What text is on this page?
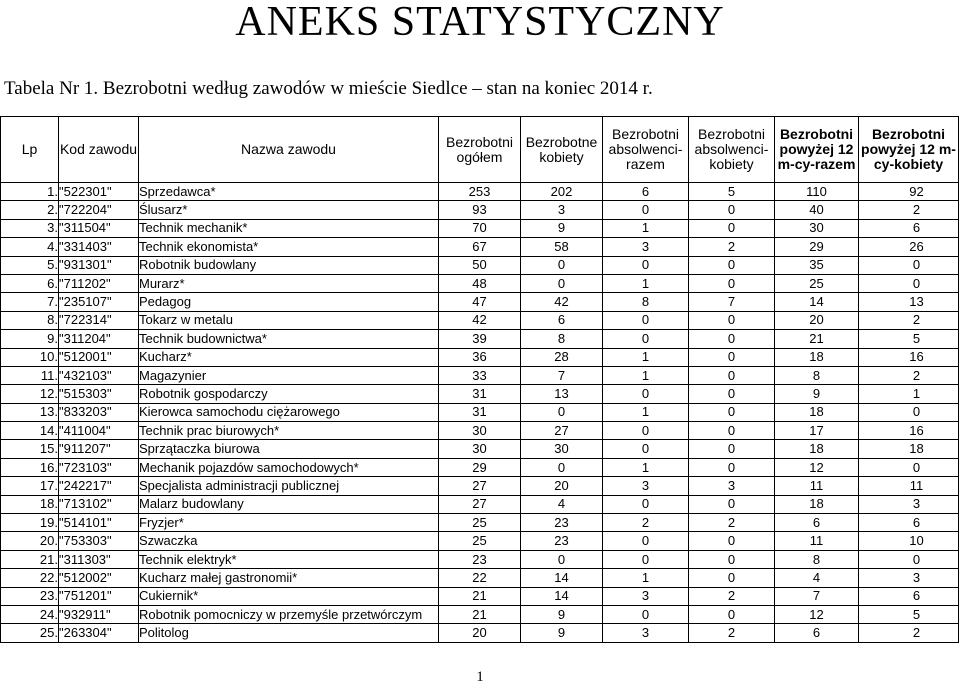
ANEKS STATYSTYCZNY
Tabela Nr 1. Bezrobotni według zawodów w mieście Siedlce – stan na koniec 2014 r.
Lp	Kod zawodu	Nazwa zawodu	Bezrobotni ogółem	Bezrobotne kobiety	Bezrobotni absolwenci-razem	Bezrobotni absolwenci-kobiety	Bezrobotni powyżej 12 m-cy-razem	Bezrobotni powyżej 12 m-cy-kobiety
1.	"522301"	Sprzedawca*	253	202	6	5	110	92
2.	"722204"	Ślusarz*	93	3	0	0	40	2
3.	"311504"	Technik mechanik*	70	9	1	0	30	6
4.	"331403"	Technik ekonomista*	67	58	3	2	29	26
5.	"931301"	Robotnik budowlany	50	0	0	0	35	0
6.	"711202"	Murarz*	48	0	1	0	25	0
7.	"235107"	Pedagog	47	42	8	7	14	13
8.	"722314"	Tokarz w metalu	42	6	0	0	20	2
9.	"311204"	Technik budownictwa*	39	8	0	0	21	5
10.	"512001"	Kucharz*	36	28	1	0	18	16
11.	"432103"	Magazynier	33	7	1	0	8	2
12.	"515303"	Robotnik gospodarczy	31	13	0	0	9	1
13.	"833203"	Kierowca samochodu ciężarowego	31	0	1	0	18	0
14.	"411004"	Technik prac biurowych*	30	27	0	0	17	16
15.	"911207"	Sprzątaczka biurowa	30	30	0	0	18	18
16.	"723103"	Mechanik pojazdów samochodowych*	29	0	1	0	12	0
17.	"242217"	Specjalista administracji publicznej	27	20	3	3	11	11
18.	"713102"	Malarz budowlany	27	4	0	0	18	3
19.	"514101"	Fryzjer*	25	23	2	2	6	6
20.	"753303"	Szwaczka	25	23	0	0	11	10
21.	"311303"	Technik elektryk*	23	0	0	0	8	0
22.	"512002"	Kucharz małej gastronomii*	22	14	1	0	4	3
23.	"751201"	Cukiernik*	21	14	3	2	7	6
24.	"932911"	Robotnik pomocniczy w przemyśle przetwórczym	21	9	0	0	12	5
25.	"263304"	Politolog	20	9	3	2	6	2
1
